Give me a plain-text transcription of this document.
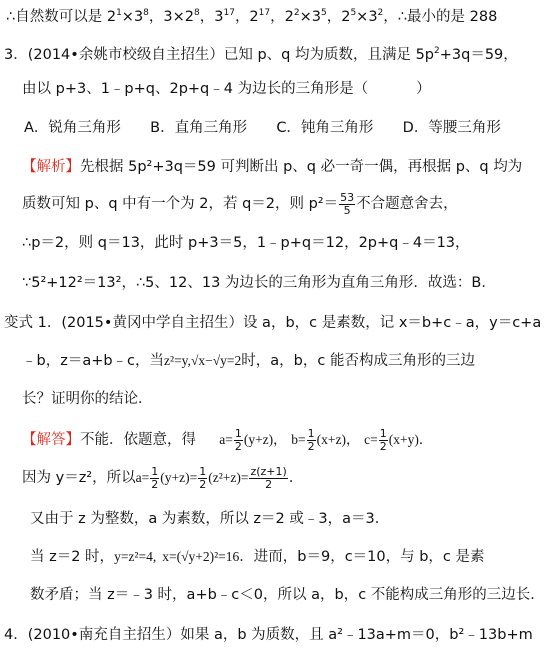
∴自然数可以是 $2^1\times 3^8$，$3\times 2^8$，$3^{17}$，$2^{17}$，$2^2\times 3^5$，$2^5\times 3^2$，∴最小的是 288
3．(2014•余姚市校级自主招生）已知 p、q 均为质数，且满足 $5p^2+3q=59$，
由以 p+3、1﹣p+q、2p+q﹣4 为边长的三角形是（	）
A．锐角三角形 B．直角三角形 C．钝角三角形 D．等腰三角形
【解析】先根据 5p²+3q＝59 可判断出 p、q 必一奇一偶，再根据 p、q 均为
质数可知 p、q 中有一个为 2，若 q＝2，则 $p^2= \frac{53}{5}$ 不合题意舍去，
∴p＝2，则 q＝13，此时 p+3＝5，1﹣p+q＝12，2p+q﹣4＝13，
∵5²+12²＝13²，∴5、12、13 为边长的三角形为直角三角形．故选：B．
变式 1．(2015•黄冈中学自主招生）设 a，b，c 是素数，记 x＝b+c﹣a，y＝c+a
﹣b，z＝a+b﹣c，当z²=y,√x−√y=2时，a，b，c 能否构成三角形的三边
长？证明你的结论．
【解答】不能．依题意，得 $a= \frac{1}{2} (y+z)$， $b= \frac{1}{2} (x+z)$， $c= \frac{1}{2} (x+y)$．
因为 y＝z²，所以$a= \frac{1}{2} (y+z)= \frac{1}{2} (z^2+z)= \frac{z(z+1)}{2}$ ．
又由于 z 为整数，a 为素数，所以 z＝2 或﹣3，a＝3．
当 z＝2 时，y=z²=4, x=(√y+2)²=16．进而，b＝9，c＝10，与 b，c 是素
数矛盾；当 z＝﹣3 时，a+b﹣c＜0，所以 a，b，c 不能构成三角形的三边长．
4．(2010•南充自主招生）如果 a，b 为质数，且 a²﹣13a+m＝0，b²﹣13b+m
